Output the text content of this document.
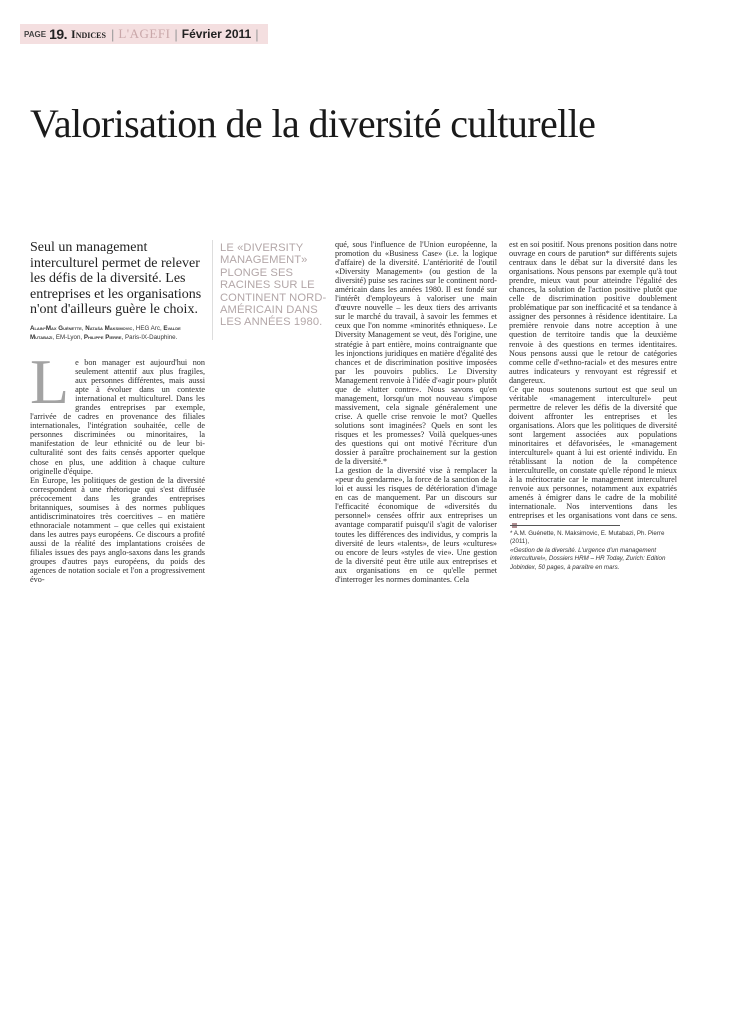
PAGE 19. Indices | L'AGEFI | Février 2011 |
Valorisation de la diversité culturelle

Seul un management interculturel permet de relever les défis de la diversité. Les entreprises et les organisations n'ont d'ailleurs guère le choix.

Alain-Max Guénette, Nataša Maksimovic, HEG Arc, Evalde Mutabazi, EM-Lyon, Philippe Pierre, Paris-IX-Dauphine.

L e bon manager est aujourd'hui non seulement attentif aux plus fragiles, aux personnes différentes, mais aussi apte à évoluer dans un contexte international et multiculturel. Dans les grandes entreprises par exemple, l'arrivée de cadres en provenance des filiales internationales, l'intégration souhaitée, celle de personnes discriminées ou minoritaires, la manifestation de leur ethnicité ou de leur bi-culturalité sont des faits censés apporter quelque chose en plus, une addition à chaque culture originelle d'équipe.

En Europe, les politiques de gestion de la diversité correspondent à une rhétorique qui s'est diffusée précocement dans les grandes entreprises britanniques, soumises à des normes publiques antidiscriminatoires très coercitives – en matière ethnoraciale notamment – que celles qui existaient dans les autres pays européens. Ce discours a profité aussi de la réalité des implantations croisées de filiales issues des pays anglo-saxons dans les grands groupes d'autres pays européens, du poids des agences de notation sociale et l'on a progressivement évo-

LE «DIVERSITY MANAGEMENT» PLONGE SES RACINES SUR LE CONTINENT NORD-AMÉRICAIN DANS LES ANNÉES 1980.

qué, sous l'influence de l'Union européenne, la promotion du «Business Case» (i.e. la logique d'affaire) de la diversité. L'antériorité de l'outil «Diversity Management» (ou gestion de la diversité) puise ses racines sur le continent nord-américain dans les années 1980. Il est fondé sur l'intérêt d'employeurs à valoriser une main d'œuvre nouvelle – les deux tiers des arrivants sur le marché du travail, à savoir les femmes et ceux que l'on nomme «minorités ethniques». Le Diversity Management se veut, dès l'origine, une stratégie à part entière, moins contraignante que les injonctions juridiques en matière d'égalité des chances et de discrimination positive imposées par les pouvoirs publics. Le Diversity Management renvoie à l'idée d'«agir pour» plutôt que de «lutter contre». Nous savons qu'en management, lorsqu'un mot nouveau s'impose massivement, cela signale généralement une crise. A quelle crise renvoie le mot? Quelles solutions sont imaginées? Quels en sont les risques et les promesses? Voilà quelques-unes des questions qui ont motivé l'écriture d'un dossier à paraître prochainement sur la gestion de la diversité.*

La gestion de la diversité vise à remplacer la «peur du gendarme», la force de la sanction de la loi et aussi les risques de détérioration d'image en cas de manquement. Par un discours sur l'efficacité économique de «diversités du personnel» censées offrir aux entreprises un avantage comparatif puisqu'il s'agit de valoriser toutes les différences des individus, y compris la diversité de leurs «talents», de leurs «cultures» ou encore de leurs «styles de vie». Une gestion de la diversité peut être utile aux entreprises et aux organisations en ce qu'elle permet d'interroger les normes dominantes. Cela

est en soi positif. Nous prenons position dans notre ouvrage en cours de parution* sur différents sujets centraux dans le débat sur la diversité dans les organisations. Nous pensons par exemple qu'à tout prendre, mieux vaut pour atteindre l'égalité des chances, la solution de l'action positive plutôt que celle de discrimination positive doublement problématique par son inefficacité et sa tendance à assigner des personnes à résidence identitaire. La première renvoie dans notre acception à une question de territoire tandis que la deuxième renvoie à des questions en termes identitaires. Nous pensons aussi que le retour de catégories comme celle d'«ethno-racial» et des mesures entre autres indicateurs y renvoyant est régressif et dangereux.

Ce que nous soutenons surtout est que seul un véritable «management interculturel» peut permettre de relever les défis de la diversité que doivent affronter les entreprises et les organisations. Alors que les politiques de diversité sont largement associées aux populations minoritaires et défavorisées, le «management interculturel» quant à lui est orienté individu. En rétablissant la notion de la compétence interculturelle, on constate qu'elle répond le mieux à la méritocratie car le management interculturel renvoie aux personnes, notamment aux expatriés amenés à émigrer dans le cadre de la mobilité internationale. Nos interventions dans les entreprises et les organisations vont dans ce sens.

* A.M. Guénette, N. Maksimovic, E. Mutabazi, Ph. Pierre (2011),
«Gestion de la diversité. L'urgence d'un management interculturel», Dossiers HRM – HR Today, Zurich: Edition Jobindex, 50 pages, à paraître en mars.
